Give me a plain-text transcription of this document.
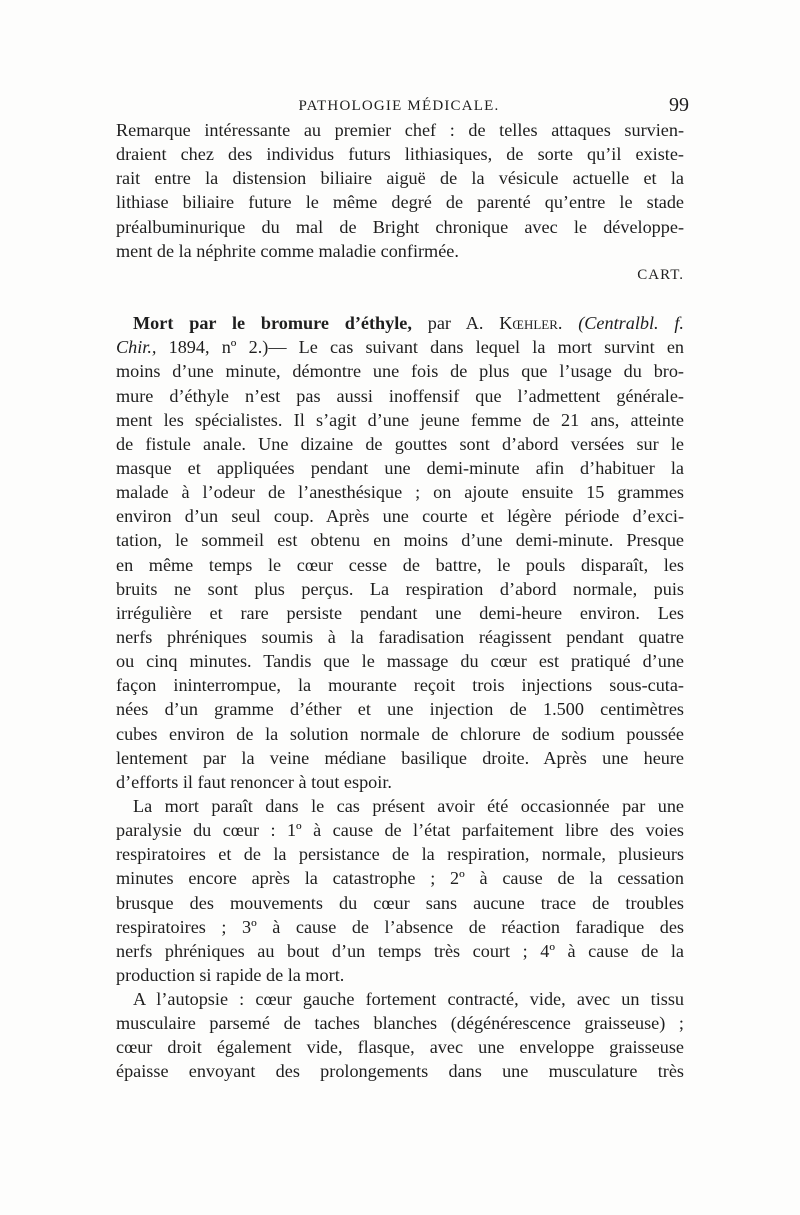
PATHOLOGIE MÉDICALE.	99
Remarque intéressante au premier chef : de telles attaques survien-
draient chez des individus futurs lithiasiques, de sorte qu’il existe-
rait entre la distension biliaire aiguë de la vésicule actuelle et la
lithiase biliaire future le même degré de parenté qu’entre le stade
préalbuminurique du mal de Bright chronique avec le développe-
ment de la néphrite comme maladie confirmée.
CART.
Mort par le bromure d’éthyle, par A. Kœhler. (Centralbl. f.
Chir., 1894, nº 2.)— Le cas suivant dans lequel la mort survint en
moins d’une minute, démontre une fois de plus que l’usage du bro-
mure d’éthyle n’est pas aussi inoffensif que l’admettent générale-
ment les spécialistes. Il s’agit d’une jeune femme de 21 ans, atteinte
de fistule anale. Une dizaine de gouttes sont d’abord versées sur le
masque et appliquées pendant une demi-minute afin d’habituer la
malade à l’odeur de l’anesthésique ; on ajoute ensuite 15 grammes
environ d’un seul coup. Après une courte et légère période d’exci-
tation, le sommeil est obtenu en moins d’une demi-minute. Presque
en même temps le cœur cesse de battre, le pouls disparaît, les
bruits ne sont plus perçus. La respiration d’abord normale, puis
irrégulière et rare persiste pendant une demi-heure environ. Les
nerfs phréniques soumis à la faradisation réagissent pendant quatre
ou cinq minutes. Tandis que le massage du cœur est pratiqué d’une
façon ininterrompue, la mourante reçoit trois injections sous-cuta-
nées d’un gramme d’éther et une injection de 1.500 centimètres
cubes environ de la solution normale de chlorure de sodium poussée
lentement par la veine médiane basilique droite. Après une heure
d’efforts il faut renoncer à tout espoir.
La mort paraît dans le cas présent avoir été occasionnée par une
paralysie du cœur : 1º à cause de l’état parfaitement libre des voies
respiratoires et de la persistance de la respiration, normale, plusieurs
minutes encore après la catastrophe ; 2º à cause de la cessation
brusque des mouvements du cœur sans aucune trace de troubles
respiratoires ; 3º à cause de l’absence de réaction faradique des
nerfs phréniques au bout d’un temps très court ; 4º à cause de la
production si rapide de la mort.
A l’autopsie : cœur gauche fortement contracté, vide, avec un tissu
musculaire parsemé de taches blanches (dégénérescence graisseuse) ;
cœur droit également vide, flasque, avec une enveloppe graisseuse
épaisse envoyant des prolongements dans une musculature très
